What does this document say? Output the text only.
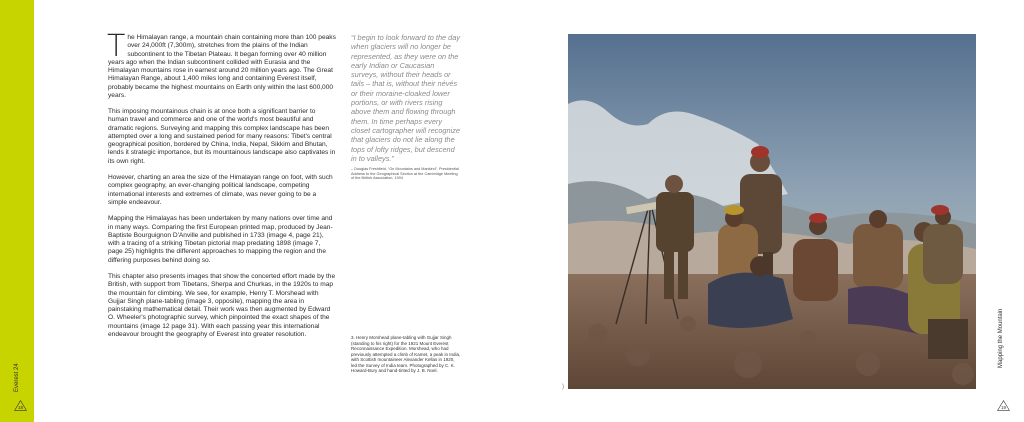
Everest 24
18

The Himalayan range, a mountain chain containing more than 100 peaks over 24,000ft (7,300m), stretches from the plains of the Indian subcontinent to the Tibetan Plateau. It began forming over 40 million years ago when the Indian subcontinent collided with Eurasia and the Himalayan mountains rose in earnest around 20 million years ago. The Great Himalayan Range, about 1,400 miles long and containing Everest itself, probably became the highest mountains on Earth only within the last 600,000 years.

This imposing mountainous chain is at once both a significant barrier to human travel and commerce and one of the world's most beautiful and dramatic regions. Surveying and mapping this complex landscape has been attempted over a long and sustained period for many reasons: Tibet's central geographical position, bordered by China, India, Nepal, Sikkim and Bhutan, lends it strategic importance, but its mountainous landscape also captivates in its own right.

However, charting an area the size of the Himalayan range on foot, with such complex geography, an ever-changing political landscape, competing international interests and extremes of climate, was never going to be a simple endeavour.

Mapping the Himalayas has been undertaken by many nations over time and in many ways. Comparing the first European printed map, produced by Jean-Baptiste Bourguignon D'Anville and published in 1733 (image 4, page 21), with a tracing of a striking Tibetan pictorial map predating 1898 (image 7, page 25) highlights the different approaches to mapping the region and the differing purposes behind doing so.

This chapter also presents images that show the concerted effort made by the British, with support from Tibetans, Sherpa and Churkas, in the 1920s to map the mountain for climbing. We see, for example, Henry T. Morshead with Gujjar Singh plane-tabling (image 3, opposite), mapping the area in painstaking mathematical detail. Their work was then augmented by Edward O. Wheeler's photographic survey, which pinpointed the exact shapes of the mountains (image 12 page 31). With each passing year this international endeavour brought the geography of Everest into greater resolution.

“I begin to look forward to the day when glaciers will no longer be represented, as they were on the early Indian or Caucasian surveys, without their heads or tails – that is, without their névés or their moraine-cloaked lower portions, or with rivers rising above them and flowing through them. In time perhaps every closet cartographer will recognize that glaciers do not lie along the tops of lofty ridges, but descend in to valleys.”
– Douglas Freshfield, “On Mountains and Mankind”, Presidential Address to the Geographical Section at the Cambridge Meeting of the British Association, 1904
3. Henry Morshead plane-tabling with Gujjar Singh (standing to his right) for the 1921 Mount Everest Reconnaissance Expedition. Morshead, who had previously attempted a climb of Kamet, a peak in India, with Scottish mountaineer Alexander Kellas in 1920, led the Survey of India team. Photographed by C. K. Howard-Bury and hand-tinted by J. B. Noel.
)
Mapping the Mountain
19
